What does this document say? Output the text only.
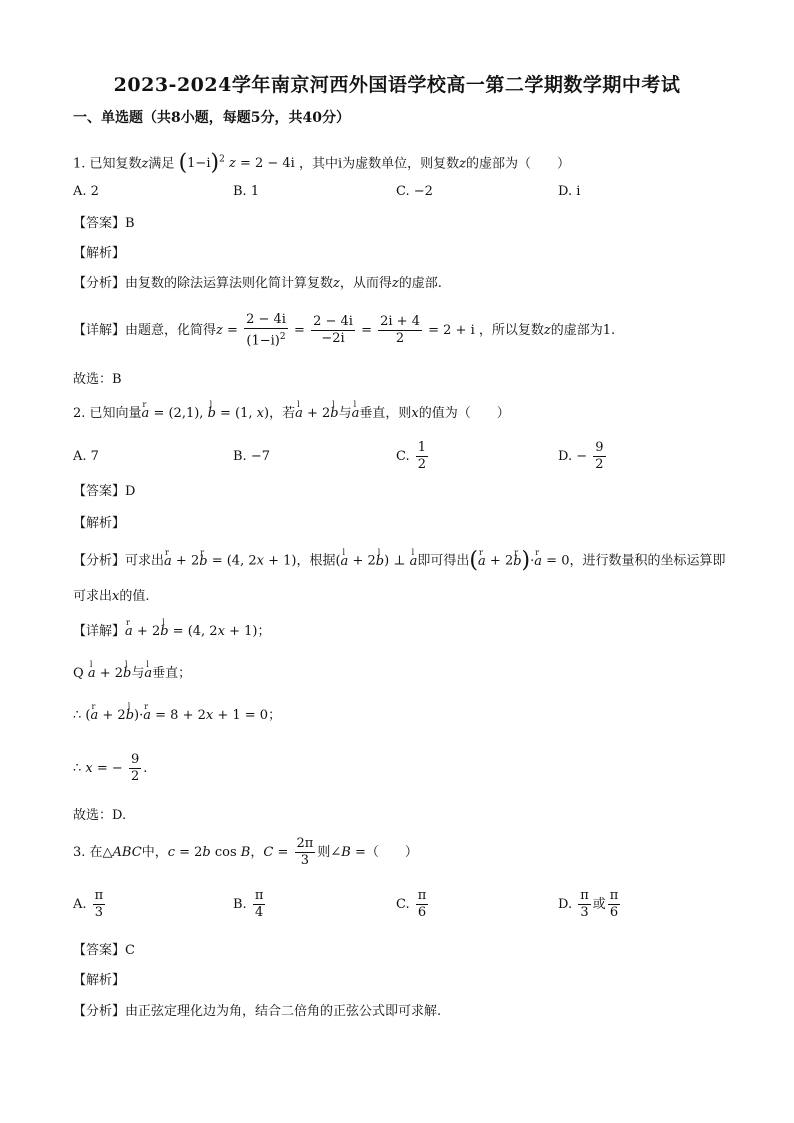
2023-2024学年南京河西外国语学校高一第二学期数学期中考试
一、单选题（共8小题，每题5分，共40分）
1. 已知复数z满足 $(1-i)^2$ z = 2 − 4i ，其中i为虚数单位，则复数z的虚部为（　　）
A. 2	B. 1	C. −2	D. i
【答案】B
【解析】
【分析】由复数的除法运算法则化简计算复数z，从而得z的虚部.
【详解】由题意，化简得$z = \frac{2 - 4i}{(1-i)^2} = \frac{2 - 4i}{-2i} = \frac{2i + 4}{2} = 2 + i$ ，所以复数z的虚部为1.
故选：B
2. 已知向量r a = (2,1), l b = (1, x)，若l a + 2l b与l a垂直，则x的值为（　　）
A. 7	B. −7	C. $\frac{1}{2}$	D. − $\frac{9}{2}$
【答案】D
【解析】
【分析】可求出r a + 2r b = (4, 2x + 1)，根据(l a + 2l b) ⊥ l a即可得出(r a + 2r b)·r a = 0，进行数量积的坐标运算即
可求出x的值.
【详解】r a + 2l b = (4, 2x + 1)；
Q l a + 2l b与l a垂直；
∴ (r a + 2l b)·r a = 8 + 2x + 1 = 0；
∴ x = − $\frac{9}{2}$ .
故选：D.
3. 在△ABC中，c = 2b cos B，$C = \frac{2\pi}{3}$ 则∠B =（　　）
A. $\frac{\pi}{3}$	B. $\frac{\pi}{4}$	C. $\frac{\pi}{6}$	D. $\frac{\pi}{3}$ 或 $\frac{\pi}{6}$
【答案】C
【解析】
【分析】由正弦定理化边为角，结合二倍角的正弦公式即可求解.
